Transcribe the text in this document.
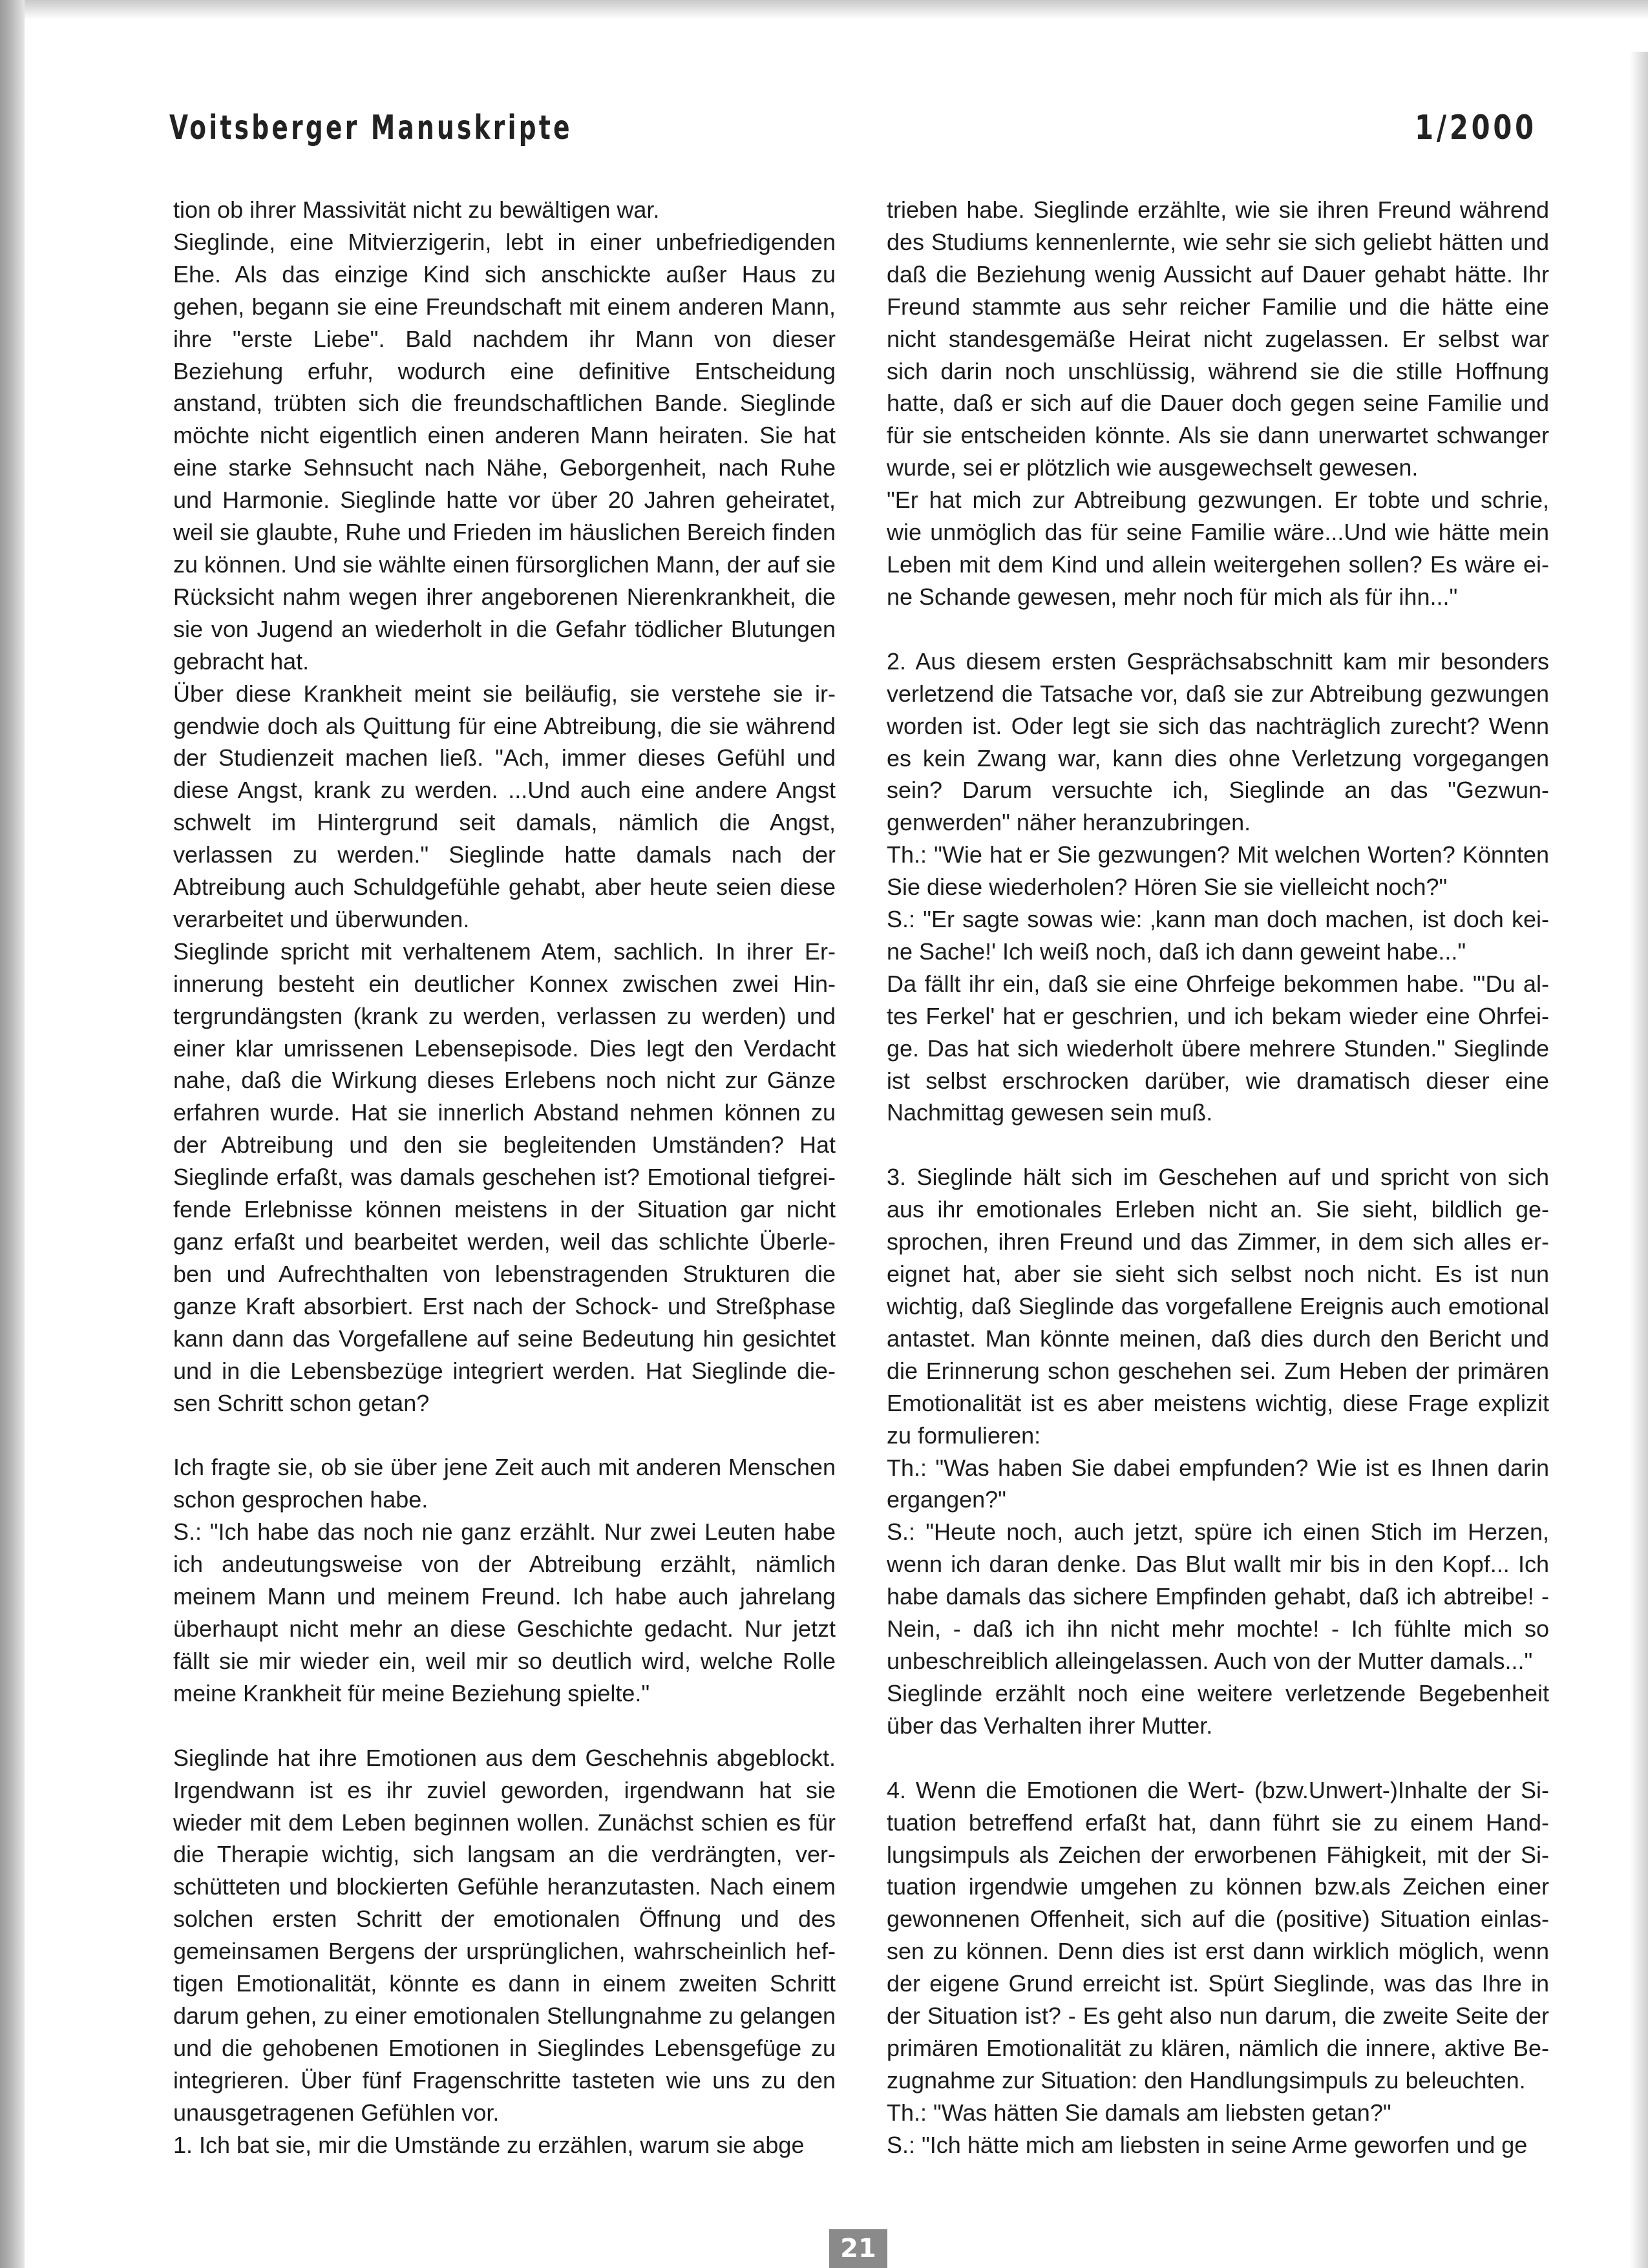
Voitsberger Manuskripte	1/2000

tion ob ihrer Massivität nicht zu bewältigen war.

Sieglinde, eine Mitvierzigerin, lebt in einer unbefriedigenden Ehe. Als das einzige Kind sich anschickte außer Haus zu gehen, begann sie eine Freundschaft mit einem anderen Mann, ihre "erste Liebe". Bald nachdem ihr Mann von dieser Beziehung erfuhr, wodurch eine definitive Entscheidung anstand, trübten sich die freundschaftlichen Bande. Sieglinde möchte nicht eigentlich einen anderen Mann heiraten. Sie hat eine starke Sehnsucht nach Nähe, Geborgenheit, nach Ruhe und Harmonie. Sieglinde hatte vor über 20 Jahren geheiratet, weil sie glaubte, Ruhe und Frieden im häuslichen Bereich finden zu können. Und sie wählte einen fürsorglichen Mann, der auf sie Rücksicht nahm wegen ihrer angeborenen Nierenkrankheit, die sie von Jugend an wiederholt in die Gefahr tödlicher Blutungen gebracht hat.

Über diese Krankheit meint sie beiläufig, sie verstehe sie irgendwie doch als Quittung für eine Abtreibung, die sie während der Studienzeit machen ließ. "Ach, immer dieses Gefühl und diese Angst, krank zu werden. ...Und auch eine andere Angst schwelt im Hintergrund seit damals, nämlich die Angst, verlassen zu werden." Sieglinde hatte damals nach der Abtreibung auch Schuldgefühle gehabt, aber heute seien diese verarbeitet und überwunden.

Sieglinde spricht mit verhaltenem Atem, sachlich. In ihrer Erinnerung besteht ein deutlicher Konnex zwischen zwei Hintergrundängsten (krank zu werden, verlassen zu werden) und einer klar umrissenen Lebensepisode. Dies legt den Verdacht nahe, daß die Wirkung dieses Erlebens noch nicht zur Gänze erfahren wurde. Hat sie innerlich Abstand nehmen können zu der Abtreibung und den sie begleitenden Umständen? Hat Sieglinde erfaßt, was damals geschehen ist? Emotional tiefgreifende Erlebnisse können meistens in der Situation gar nicht ganz erfaßt und bearbeitet werden, weil das schlichte Überleben und Aufrechthalten von lebenstragenden Strukturen die ganze Kraft absorbiert. Erst nach der Schock- und Streßphase kann dann das Vorgefallene auf seine Bedeutung hin gesichtet und in die Lebensbezüge integriert werden. Hat Sieglinde diesen Schritt schon getan?

Ich fragte sie, ob sie über jene Zeit auch mit anderen Menschen schon gesprochen habe.

S.: "Ich habe das noch nie ganz erzählt. Nur zwei Leuten habe ich andeutungsweise von der Abtreibung erzählt, nämlich meinem Mann und meinem Freund. Ich habe auch jahrelang überhaupt nicht mehr an diese Geschichte gedacht. Nur jetzt fällt sie mir wieder ein, weil mir so deutlich wird, welche Rolle meine Krankheit für meine Beziehung spielte."

Sieglinde hat ihre Emotionen aus dem Geschehnis abgeblockt. Irgendwann ist es ihr zuviel geworden, irgendwann hat sie wieder mit dem Leben beginnen wollen. Zunächst schien es für die Therapie wichtig, sich langsam an die verdrängten, verschütteten und blockierten Gefühle heranzutasten. Nach einem solchen ersten Schritt der emotionalen Öffnung und des gemeinsamen Bergens der ursprünglichen, wahrscheinlich heftigen Emotionalität, könnte es dann in einem zweiten Schritt darum gehen, zu einer emotionalen Stellungnahme zu gelangen und die gehobenen Emotionen in Sieglindes Lebensgefüge zu integrieren. Über fünf Fragenschritte tasteten wie uns zu den unausgetragenen Gefühlen vor.

1. Ich bat sie, mir die Umstände zu erzählen, warum sie abge

trieben habe. Sieglinde erzählte, wie sie ihren Freund während des Studiums kennenlernte, wie sehr sie sich geliebt hätten und daß die Beziehung wenig Aussicht auf Dauer gehabt hätte. Ihr Freund stammte aus sehr reicher Familie und die hätte eine nicht standesgemäße Heirat nicht zugelassen. Er selbst war sich darin noch unschlüssig, während sie die stille Hoffnung hatte, daß er sich auf die Dauer doch gegen seine Familie und für sie entscheiden könnte. Als sie dann unerwartet schwanger wurde, sei er plötzlich wie ausgewechselt gewesen.

"Er hat mich zur Abtreibung gezwungen. Er tobte und schrie, wie unmöglich das für seine Familie wäre...Und wie hätte mein Leben mit dem Kind und allein weitergehen sollen? Es wäre eine Schande gewesen, mehr noch für mich als für ihn..."

2. Aus diesem ersten Gesprächsabschnitt kam mir besonders verletzend die Tatsache vor, daß sie zur Abtreibung gezwungen worden ist. Oder legt sie sich das nachträglich zurecht? Wenn es kein Zwang war, kann dies ohne Verletzung vorgegangen sein? Darum versuchte ich, Sieglinde an das "Gezwungenwerden" näher heranzubringen.

Th.: "Wie hat er Sie gezwungen? Mit welchen Worten? Könnten Sie diese wiederholen? Hören Sie sie vielleicht noch?"

S.: "Er sagte sowas wie: ‚kann man doch machen, ist doch keine Sache!' Ich weiß noch, daß ich dann geweint habe..."

Da fällt ihr ein, daß sie eine Ohrfeige bekommen habe. "'Du altes Ferkel' hat er geschrien, und ich bekam wieder eine Ohrfeige. Das hat sich wiederholt übere mehrere Stunden." Sieglinde ist selbst erschrocken darüber, wie dramatisch dieser eine Nachmittag gewesen sein muß.

3. Sieglinde hält sich im Geschehen auf und spricht von sich aus ihr emotionales Erleben nicht an. Sie sieht, bildlich gesprochen, ihren Freund und das Zimmer, in dem sich alles ereignet hat, aber sie sieht sich selbst noch nicht. Es ist nun wichtig, daß Sieglinde das vorgefallene Ereignis auch emotional antastet. Man könnte meinen, daß dies durch den Bericht und die Erinnerung schon geschehen sei. Zum Heben der primären Emotionalität ist es aber meistens wichtig, diese Frage explizit zu formulieren:

Th.: "Was haben Sie dabei empfunden? Wie ist es Ihnen darin ergangen?"

S.: "Heute noch, auch jetzt, spüre ich einen Stich im Herzen, wenn ich daran denke. Das Blut wallt mir bis in den Kopf... Ich habe damals das sichere Empfinden gehabt, daß ich abtreibe! - Nein, - daß ich ihn nicht mehr mochte! - Ich fühlte mich so unbeschreiblich alleingelassen. Auch von der Mutter damals..."

Sieglinde erzählt noch eine weitere verletzende Begebenheit über das Verhalten ihrer Mutter.

4. Wenn die Emotionen die Wert- (bzw.Unwert-)Inhalte der Situation betreffend erfaßt hat, dann führt sie zu einem Handlungsimpuls als Zeichen der erworbenen Fähigkeit, mit der Situation irgendwie umgehen zu können bzw.als Zeichen einer gewonnenen Offenheit, sich auf die (positive) Situation einlassen zu können. Denn dies ist erst dann wirklich möglich, wenn der eigene Grund erreicht ist. Spürt Sieglinde, was das Ihre in der Situation ist? - Es geht also nun darum, die zweite Seite der primären Emotionalität zu klären, nämlich die innere, aktive Bezugnahme zur Situation: den Handlungsimpuls zu beleuchten.

Th.: "Was hätten Sie damals am liebsten getan?"

S.: "Ich hätte mich am liebsten in seine Arme geworfen und ge

21
